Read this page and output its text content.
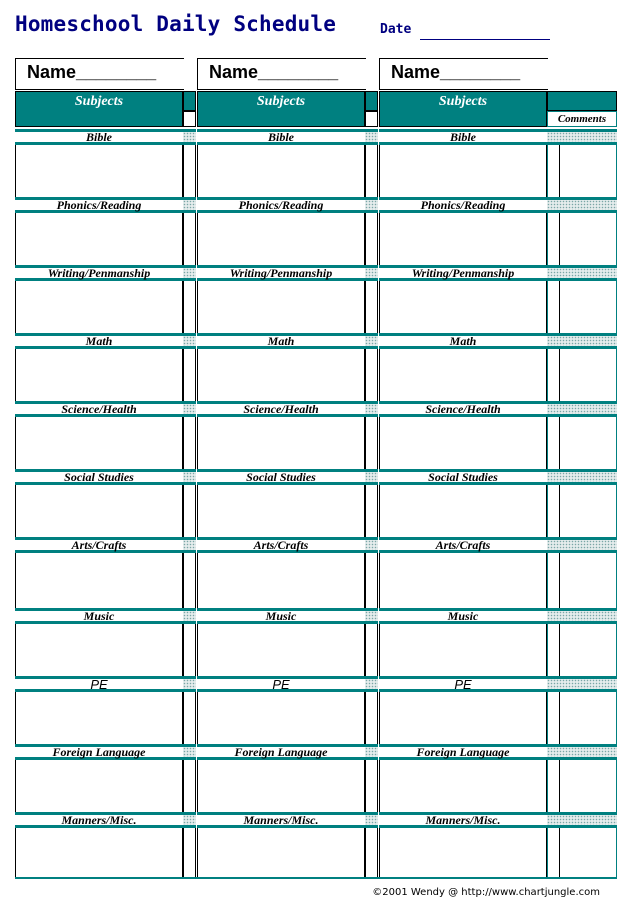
Homeschool Daily Schedule	Date
Name________
Subjects
Name________
Subjects
Name________
Subjects
Comments
Bible	Bible	Bible
Phonics/Reading	Phonics/Reading	Phonics/Reading
Writing/Penmanship	Writing/Penmanship	Writing/Penmanship
Math	Math	Math
Science/Health	Science/Health	Science/Health
Social Studies	Social Studies	Social Studies
Arts/Crafts	Arts/Crafts	Arts/Crafts
Music	Music	Music
PE	PE	PE
Foreign Language	Foreign Language	Foreign Language
Manners/Misc.	Manners/Misc.	Manners/Misc.
©2001 Wendy @ http://www.chartjungle.com
